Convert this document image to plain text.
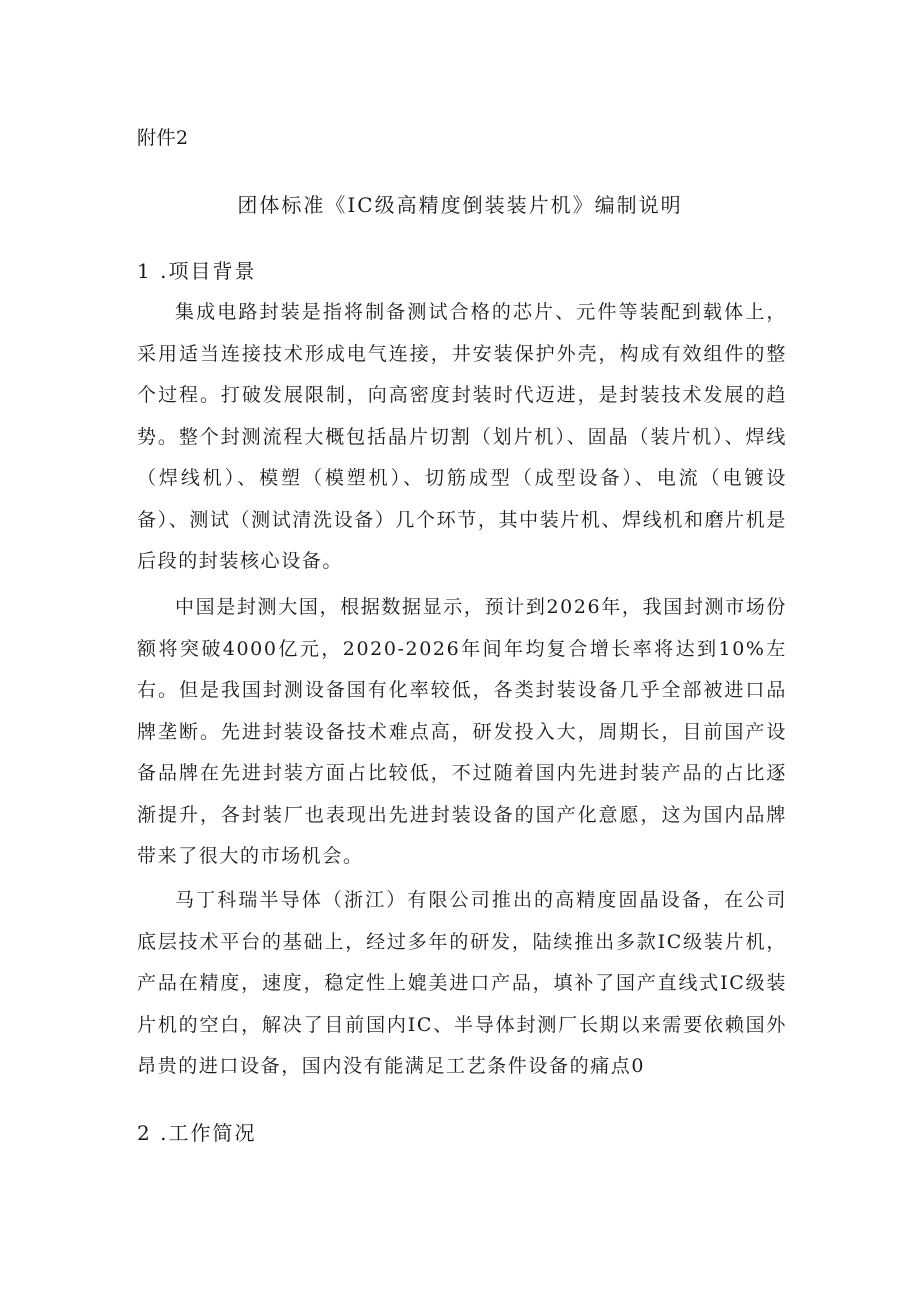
附件2
团体标准《IC级高精度倒装装片机》编制说明
1 .项目背景

集成电路封装是指将制备测试合格的芯片、元件等装配到载体上，采用适当连接技术形成电气连接，井安装保护外壳，构成有效组件的整个过程。打破发展限制，向高密度封装时代迈进，是封装技术发展的趋势。整个封测流程大概包括晶片切割（划片机）、固晶（装片机）、焊线（焊线机）、模塑（模塑机）、切筋成型（成型设备）、电流（电镀设备）、测试（测试清洗设备）几个环节，其中装片机、焊线机和磨片机是后段的封装核心设备。

中国是封测大国，根据数据显示，预计到2026年，我国封测市场份额将突破4000亿元，2020-2026年间年均复合增长率将达到10%左右。但是我国封测设备国有化率较低，各类封装设备几乎全部被进口品牌垄断。先进封装设备技术难点高，研发投入大，周期长，目前国产设备品牌在先进封装方面占比较低，不过随着国内先进封装产品的占比逐渐提升，各封装厂也表现出先进封装设备的国产化意愿，这为国内品牌带来了很大的市场机会。

马丁科瑞半导体（浙江）有限公司推出的高精度固晶设备，在公司底层技术平台的基础上，经过多年的研发，陆续推出多款IC级装片机，产品在精度，速度，稳定性上媲美进口产品，填补了国产直线式IC级装片机的空白，解决了目前国内IC、半导体封测厂长期以来需要依赖国外昂贵的进口设备，国内没有能满足工艺条件设备的痛点0

2 .工作简况
